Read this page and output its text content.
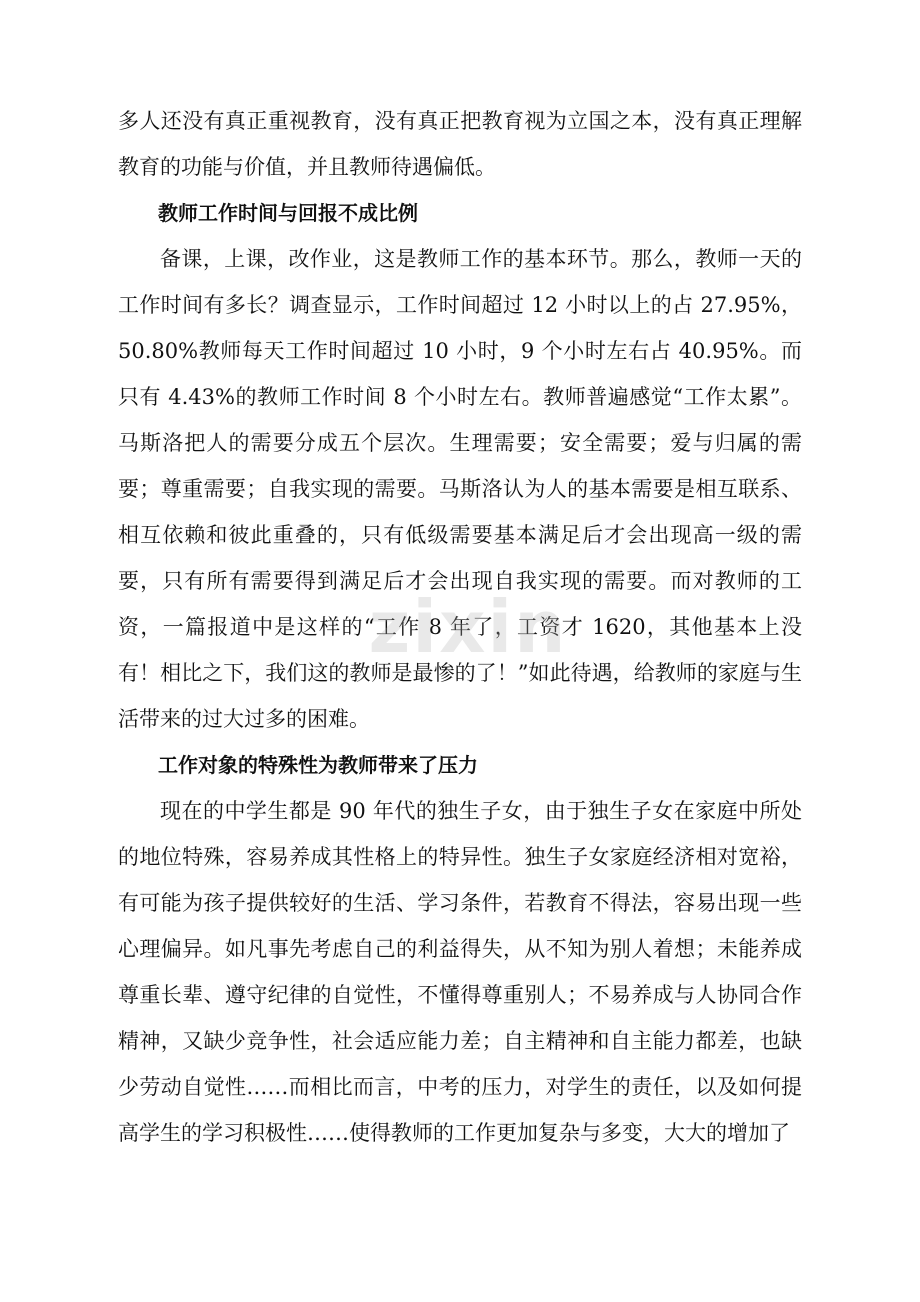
多人还没有真正重视教育，没有真正把教育视为立国之本，没有真正理解教育的功能与价值，并且教师待遇偏低。

教师工作时间与回报不成比例

备课，上课，改作业，这是教师工作的基本环节。那么，教师一天的工作时间有多长？调查显示，工作时间超过 12 小时以上的占 27.95%，50.80%教师每天工作时间超过 10 小时，9 个小时左右占 40.95%。而只有 4.43%的教师工作时间 8 个小时左右。教师普遍感觉“工作太累”。 马斯洛把人的需要分成五个层次。生理需要；安全需要；爱与归属的需要；尊重需要；自我实现的需要。马斯洛认为人的基本需要是相互联系、相互依赖和彼此重叠的，只有低级需要基本满足后才会出现高一级的需要，只有所有需要得到满足后才会出现自我实现的需要。而对教师的工资，一篇报道中是这样的“工作 8 年了，工资才 1620，其他基本上没有！相比之下，我们这的教师是最惨的了！”如此待遇，给教师的家庭与生活带来的过大过多的困难。

工作对象的特殊性为教师带来了压力

现在的中学生都是 90 年代的独生子女，由于独生子女在家庭中所处的地位特殊，容易养成其性格上的特异性。独生子女家庭经济相对宽裕，有可能为孩子提供较好的生活、学习条件，若教育不得法，容易出现一些心理偏异。如凡事先考虑自己的利益得失，从不知为别人着想；未能养成尊重长辈、遵守纪律的自觉性，不懂得尊重别人；不易养成与人协同合作精神，又缺少竞争性，社会适应能力差；自主精神和自主能力都差，也缺少劳动自觉性……而相比而言，中考的压力，对学生的责任，以及如何提高学生的学习积极性……使得教师的工作更加复杂与多变，大大的增加了

zixin
